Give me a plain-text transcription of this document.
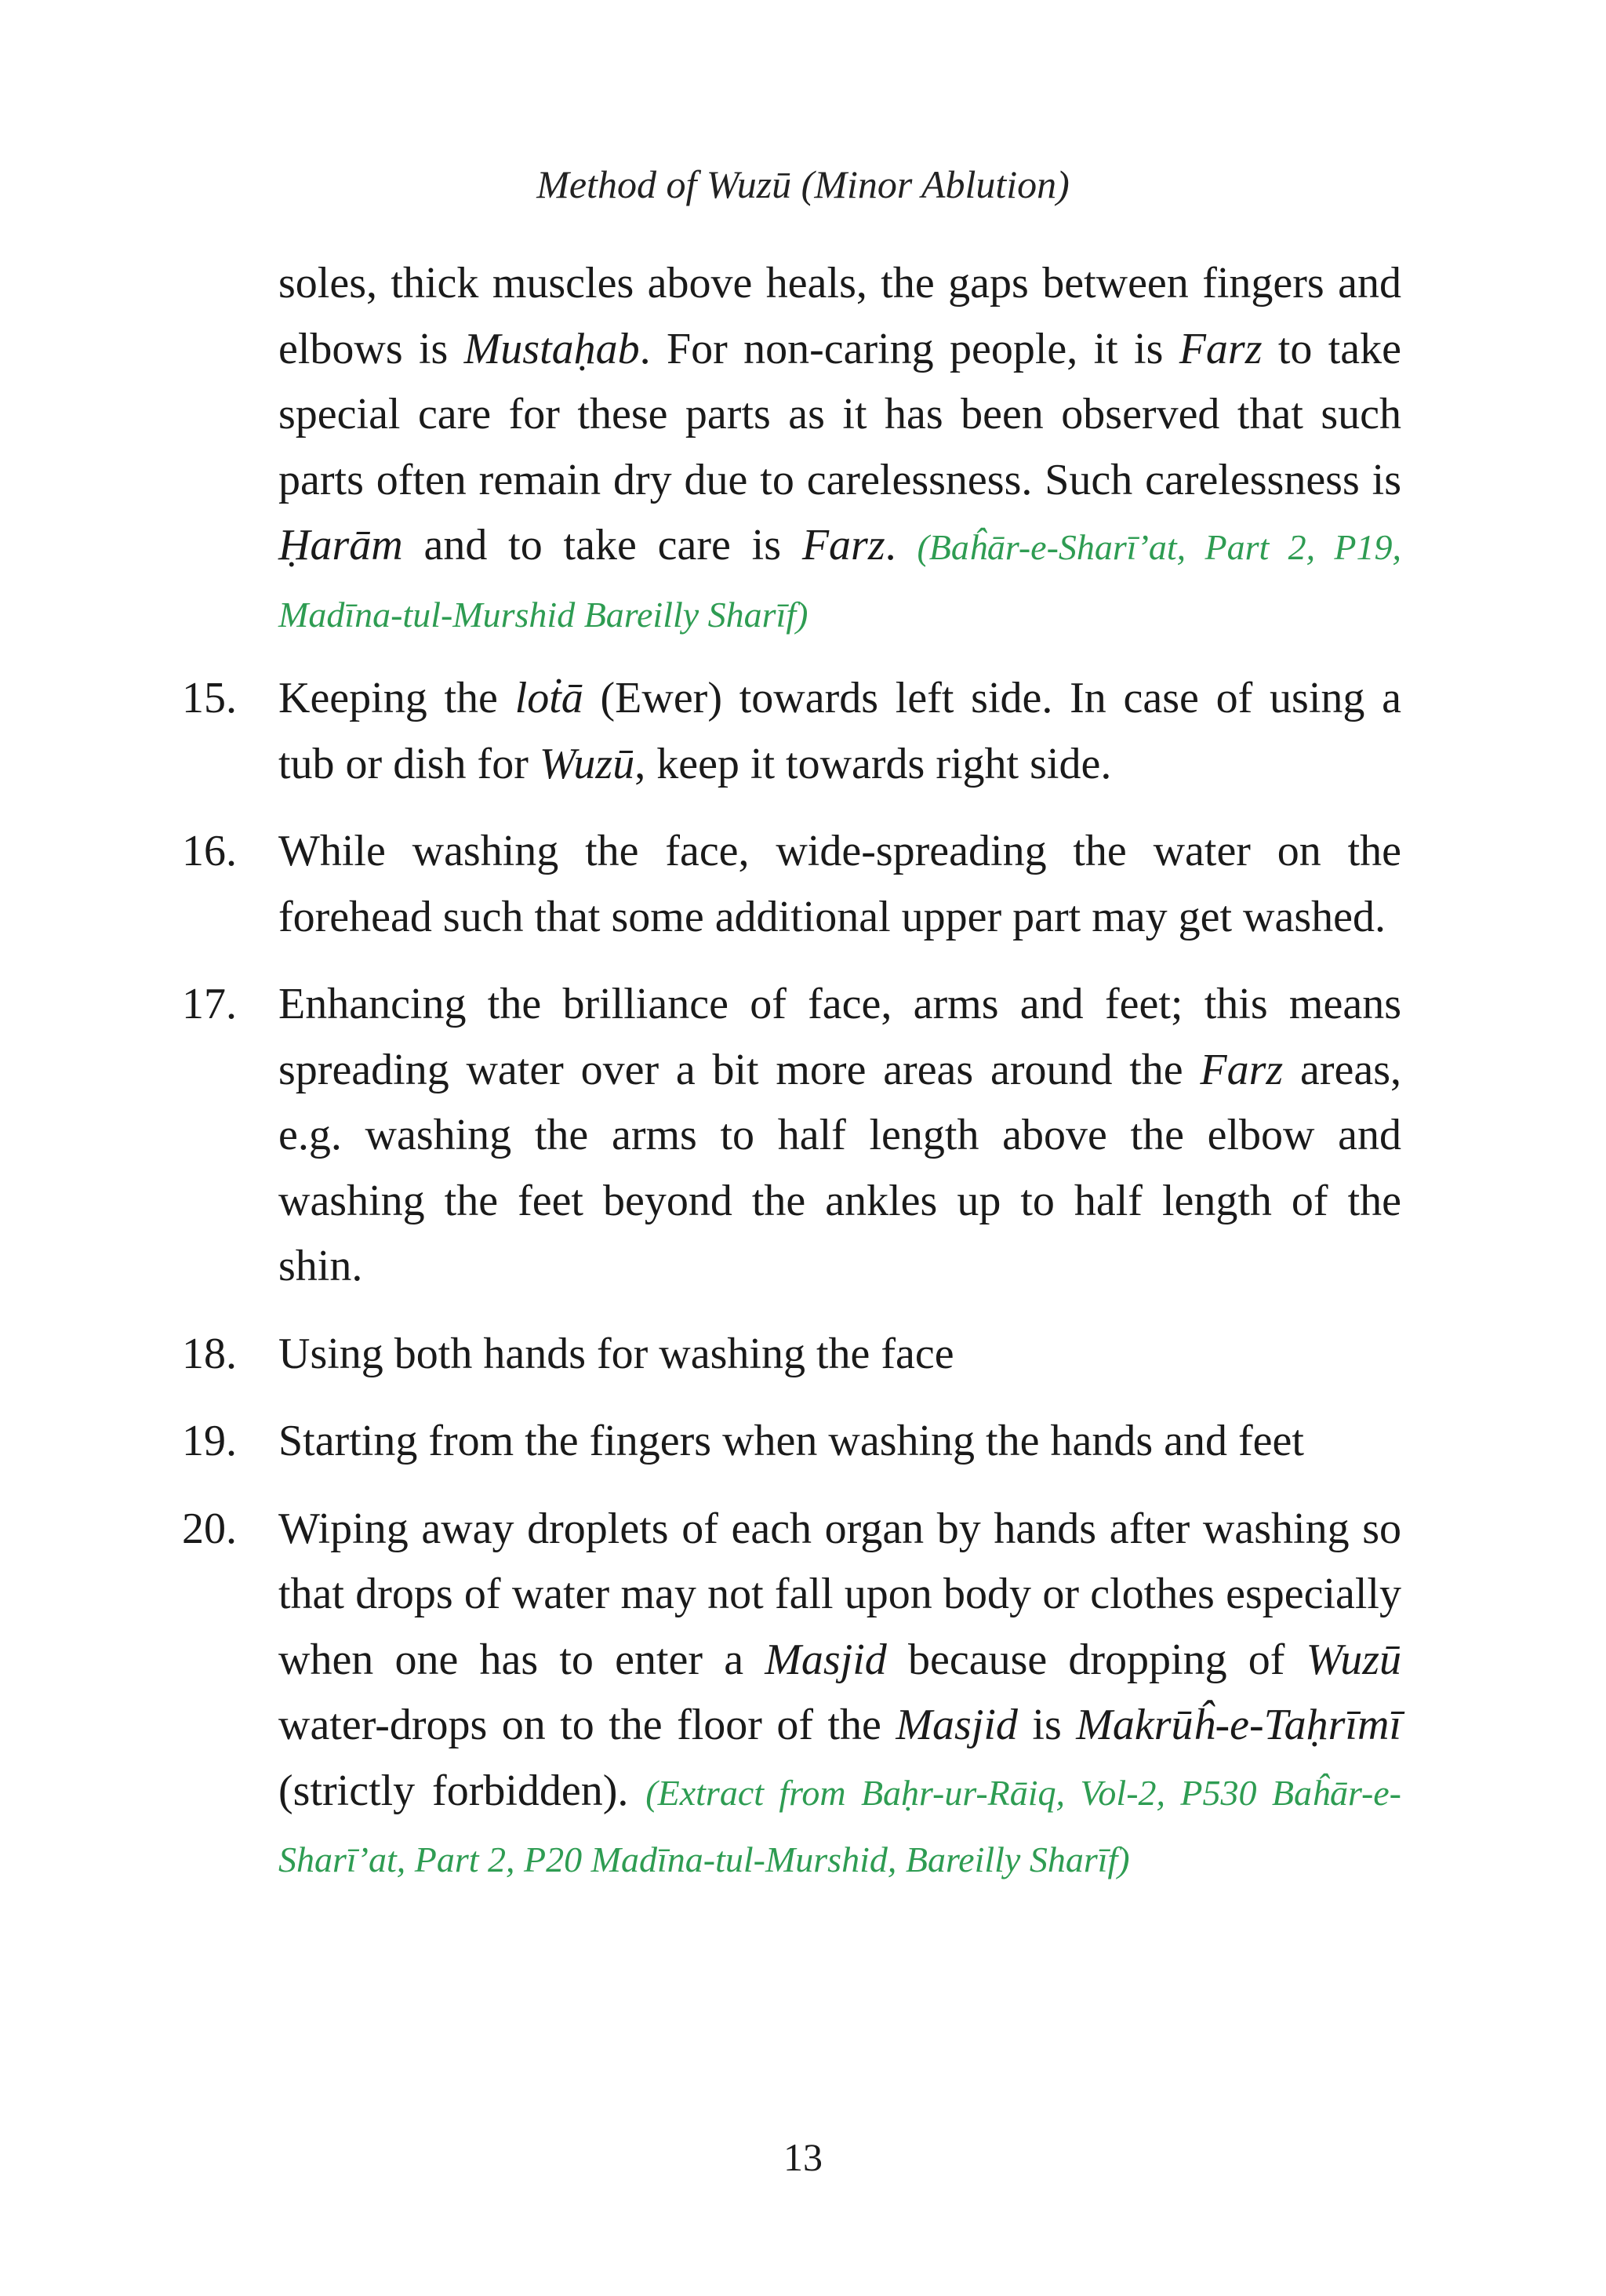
Method of Wuzū (Minor Ablution)

soles, thick muscles above heals, the gaps between fingers and elbows is Mustaḥab. For non-caring people, it is Farz to take special care for these parts as it has been observed that such parts often remain dry due to carelessness. Such carelessness is Ḥarām and to take care is Farz. (Baĥār-e-Sharī’at, Part 2, P19, Madīna-tul-Murshid Bareilly Sharīf)

15. Keeping the loṫā (Ewer) towards left side. In case of using a tub or dish for Wuzū, keep it towards right side.

16. While washing the face, wide-spreading the water on the forehead such that some additional upper part may get washed.

17. Enhancing the brilliance of face, arms and feet; this means spreading water over a bit more areas around the Farz areas, e.g. washing the arms to half length above the elbow and washing the feet beyond the ankles up to half length of the shin.

18. Using both hands for washing the face

19. Starting from the fingers when washing the hands and feet

20. Wiping away droplets of each organ by hands after washing so that drops of water may not fall upon body or clothes especially when one has to enter a Masjid because dropping of Wuzū water-drops on to the floor of the Masjid is Makrūĥ-e-Taḥrīmī (strictly forbidden). (Extract from Baḥr-ur-Rāiq, Vol-2, P530 Baĥār-e-Sharī’at, Part 2, P20 Madīna-tul-Murshid, Bareilly Sharīf)

13
